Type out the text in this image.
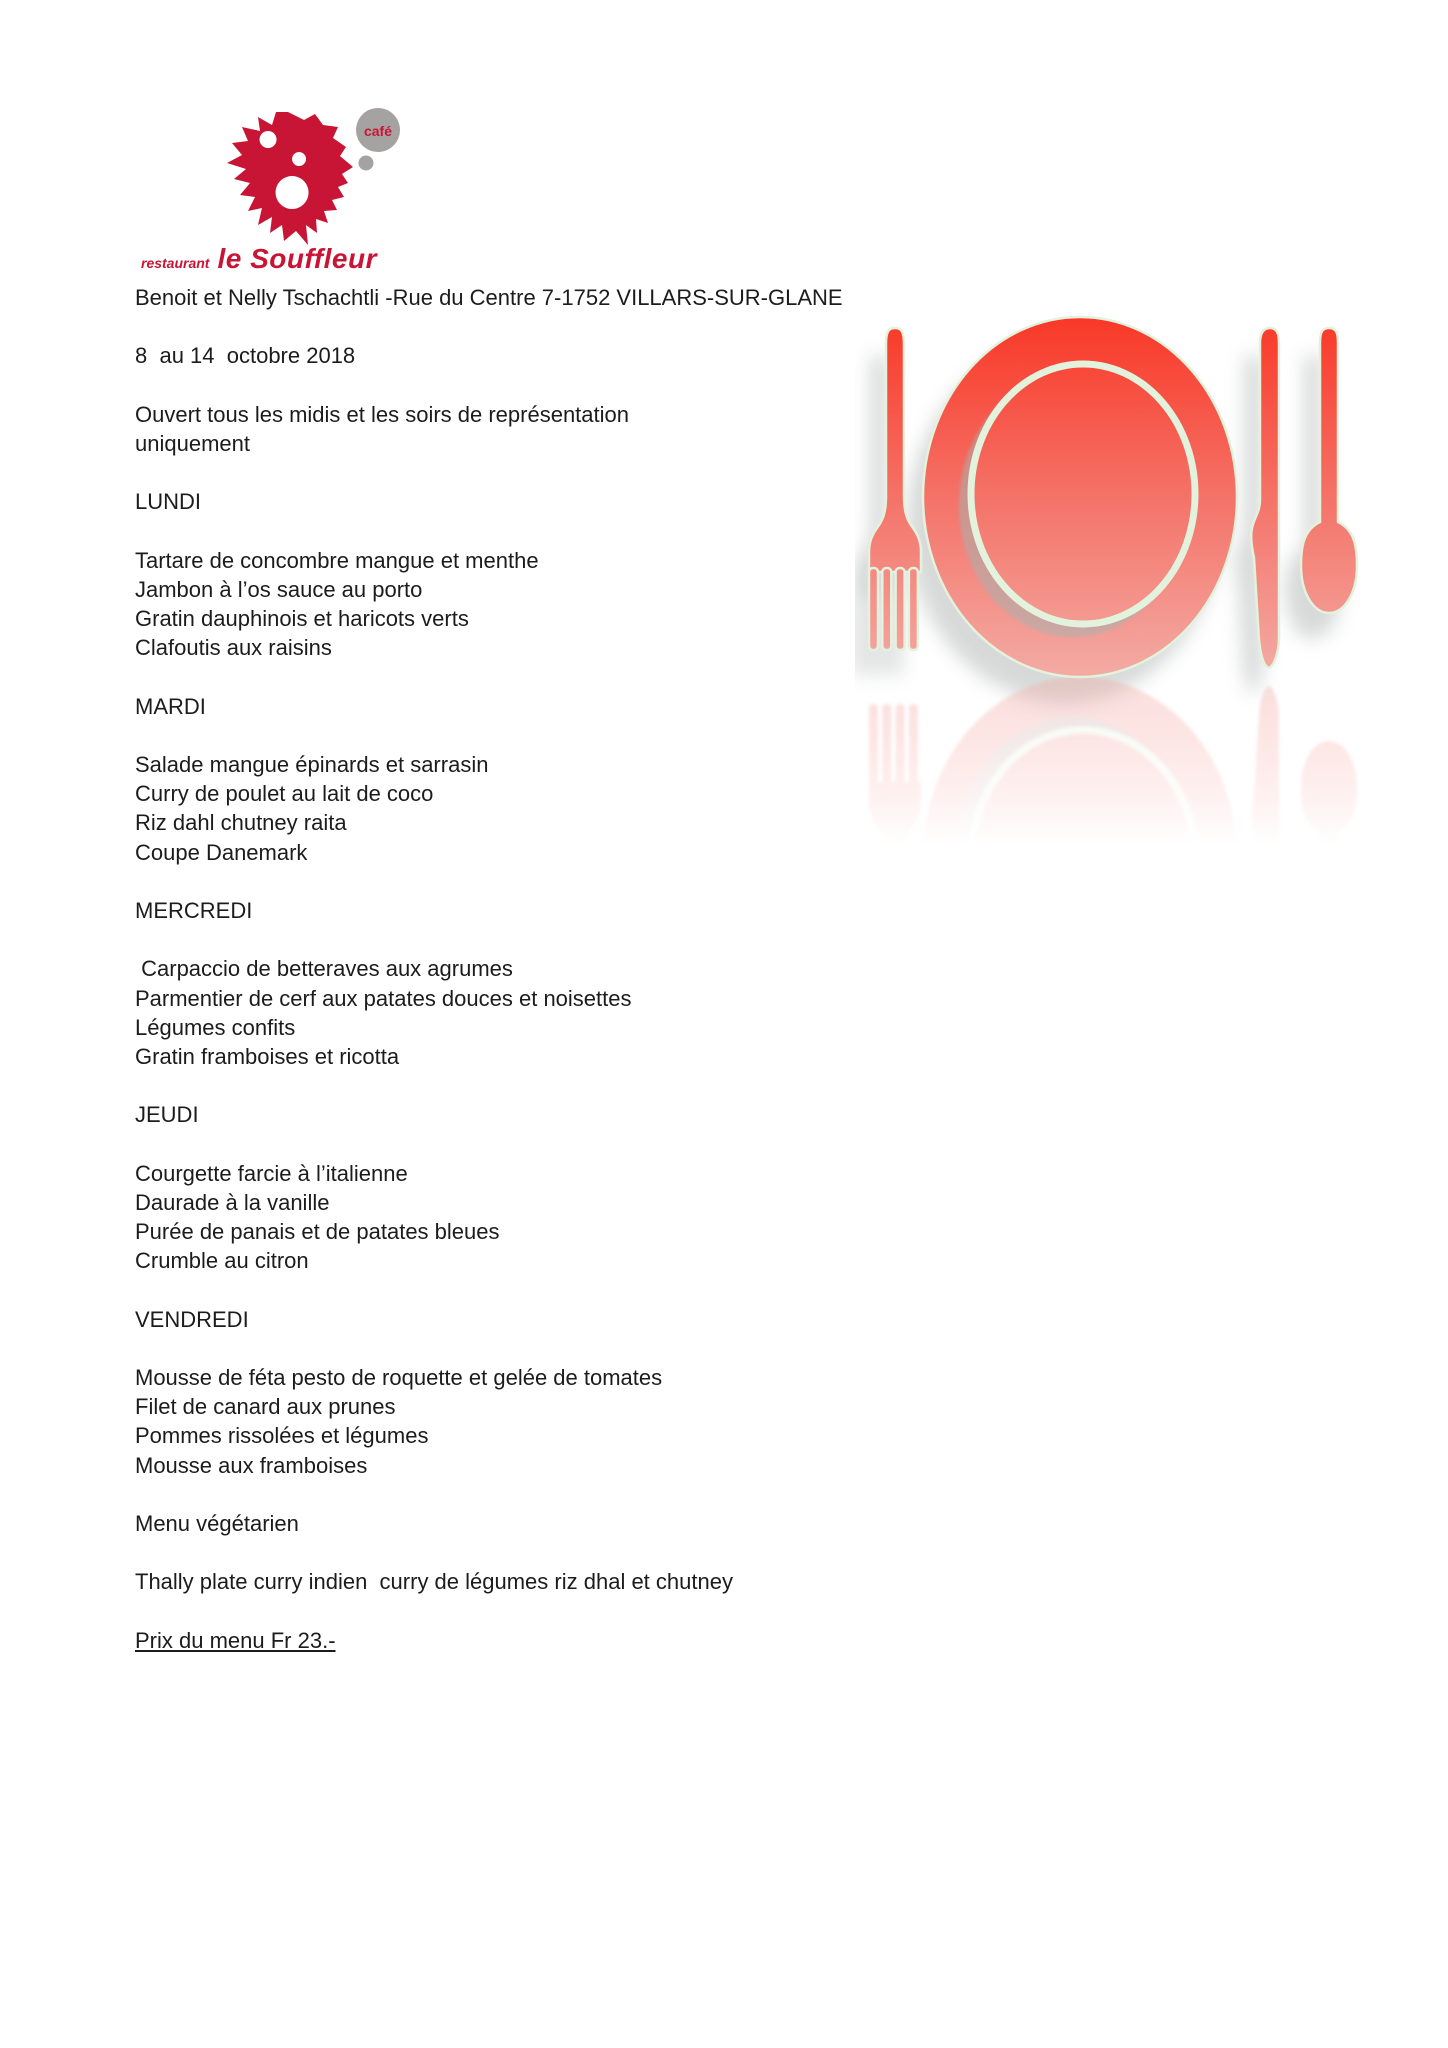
café
restaurant le Souffleur

Benoit et Nelly Tschachtli -Rue du Centre 7-1752 VILLARS-SUR-GLANE

8  au 14  octobre 2018

Ouvert tous les midis et les soirs de représentation

uniquement

LUNDI

Tartare de concombre mangue et menthe

Jambon à l’os sauce au porto

Gratin dauphinois et haricots verts

Clafoutis aux raisins

MARDI

Salade mangue épinards et sarrasin

Curry de poulet au lait de coco

Riz dahl chutney raita

Coupe Danemark

MERCREDI

Carpaccio de betteraves aux agrumes

Parmentier de cerf aux patates douces et noisettes

Légumes confits

Gratin framboises et ricotta

JEUDI

Courgette farcie à l’italienne

Daurade à la vanille

Purée de panais et de patates bleues

Crumble au citron

VENDREDI

Mousse de féta pesto de roquette et gelée de tomates

Filet de canard aux prunes

Pommes rissolées et légumes

Mousse aux framboises

Menu végétarien

Thally plate curry indien  curry de légumes riz dhal et chutney

Prix du menu Fr 23.-
